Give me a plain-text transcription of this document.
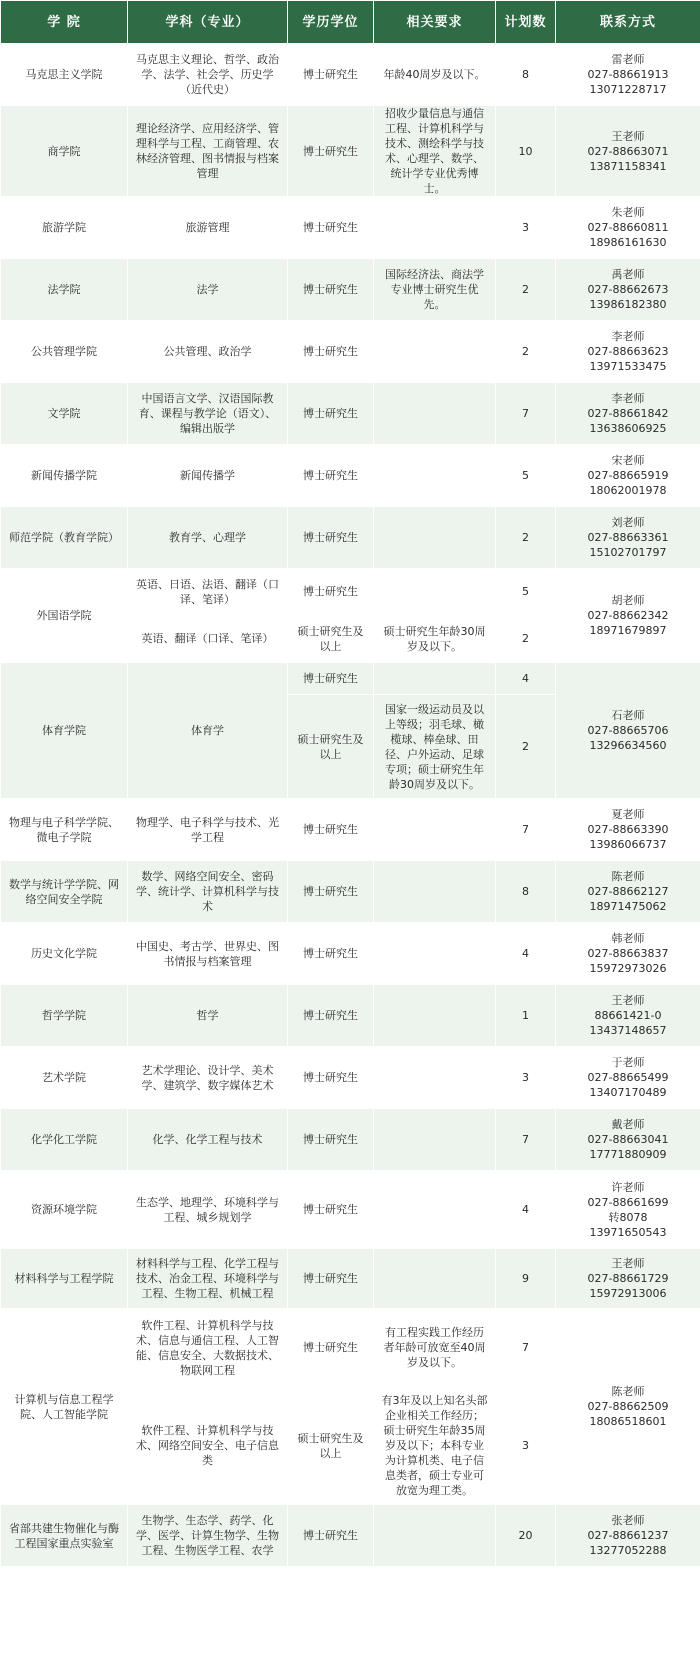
学 院	学科（专业）	学历学位	相关要求	计划数	联系方式
马克思主义学院	马克思主义理论、哲学、政治学、法学、社会学、历史学（近代史）	博士研究生	年龄40周岁及以下。	8	雷老师
027-88661913
13071228717

商学院	理论经济学、应用经济学、管理科学与工程、工商管理、农林经济管理、图书情报与档案管理	博士研究生	招收少量信息与通信工程、计算机科学与技术、测绘科学与技术、心理学、数学、统计学专业优秀博士。	10	王老师
027-88663071
13871158341

旅游学院	旅游管理	博士研究生		3	朱老师
027-88660811
18986161630

法学院	法学	博士研究生	国际经济法、商法学专业博士研究生优先。	2	禹老师
027-88662673
13986182380

公共管理学院	公共管理、政治学	博士研究生		2	李老师
027-88663623
13971533475

文学院	中国语言文学、汉语国际教育、课程与教学论（语文）、编辑出版学	博士研究生		7	李老师
027-88661842
13638606925

新闻传播学院	新闻传播学	博士研究生		5	宋老师
027-88665919
18062001978

师范学院（教育学院）	教育学、心理学	博士研究生		2	刘老师
027-88663361
15102701797

外国语学院	英语、日语、法语、翻译（口译、笔译）	博士研究生		5	胡老师
027-88662342
18971679897

	英语、翻译（口译、笔译）	硕士研究生及以上	硕士研究生年龄30周岁及以下。	2	
体育学院	体育学	博士研究生		4	石老师
027-88665706
13296634560

		硕士研究生及以上	国家一级运动员及以上等级；羽毛球、橄榄球、棒垒球、田径、户外运动、足球专项；硕士研究生年龄30周岁及以下。	2	
物理与电子科学学院、微电子学院	物理学、电子科学与技术、光学工程	博士研究生		7	夏老师
027-88663390
13986066737

数学与统计学学院、网络空间安全学院	数学、网络空间安全、密码学、统计学、计算机科学与技术	博士研究生		8	陈老师
027-88662127
18971475062

历史文化学院	中国史、考古学、世界史、图书情报与档案管理	博士研究生		4	韩老师
027-88663837
15972973026

哲学学院	哲学	博士研究生		1	王老师
88661421-0
13437148657

艺术学院	艺术学理论、设计学、美术学、建筑学、数字媒体艺术	博士研究生		3	于老师
027-88665499
13407170489

化学化工学院	化学、化学工程与技术	博士研究生		7	戴老师
027-88663041
17771880909

资源环境学院	生态学、地理学、环境科学与工程、城乡规划学	博士研究生		4	许老师
027-88661699
转8078
13971650543

材料科学与工程学院	材料科学与工程、化学工程与技术、冶金工程、环境科学与工程、生物工程、机械工程	博士研究生		9	王老师
027-88661729
15972913006

计算机与信息工程学院、人工智能学院	软件工程、计算机科学与技术、信息与通信工程、人工智能、信息安全、大数据技术、物联网工程	博士研究生	有工程实践工作经历者年龄可放宽至40周岁及以下。	7	陈老师
027-88662509
18086518601

	软件工程、计算机科学与技术、网络空间安全、电子信息类	硕士研究生及以上	有3年及以上知名头部企业相关工作经历；硕士研究生年龄35周岁及以下；本科专业为计算机类、电子信息类者，硕士专业可放宽为理工类。	3	
省部共建生物催化与酶工程国家重点实验室	生物学、生态学、药学、化学、医学、计算生物学、生物工程、生物医学工程、农学	博士研究生		20	张老师
027-88661237
13277052288
